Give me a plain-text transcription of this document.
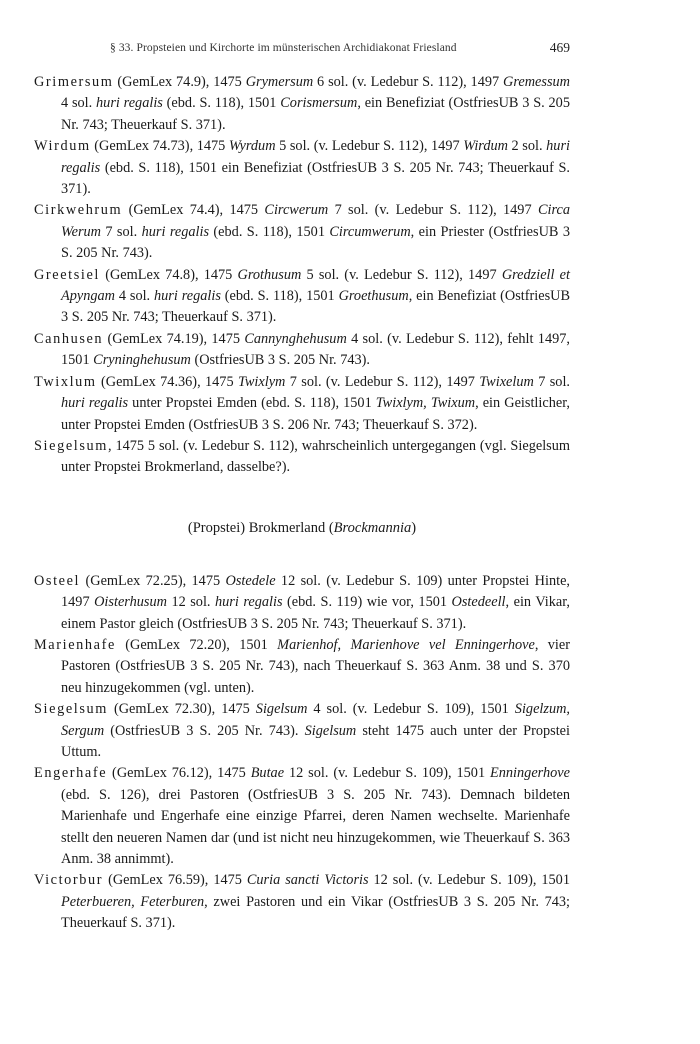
§ 33. Propsteien und Kirchorte im münsterischen Archidiakonat Friesland	469

Grimersum (GemLex 74.9), 1475 Grymersum 6 sol. (v. Ledebur S. 112), 1497 Gremessum 4 sol. huri regalis (ebd. S. 118), 1501 Corismersum, ein Benefiziat (OstfriesUB 3 S. 205 Nr. 743; Theuerkauf S. 371).

Wirdum (GemLex 74.73), 1475 Wyrdum 5 sol. (v. Ledebur S. 112), 1497 Wirdum 2 sol. huri regalis (ebd. S. 118), 1501 ein Benefiziat (OstfriesUB 3 S. 205 Nr. 743; Theuerkauf S. 371).

Cirkwehrum (GemLex 74.4), 1475 Circwerum 7 sol. (v. Ledebur S. 112), 1497 Circa Werum 7 sol. huri regalis (ebd. S. 118), 1501 Circumwerum, ein Priester (OstfriesUB 3 S. 205 Nr. 743).

Greetsiel (GemLex 74.8), 1475 Grothusum 5 sol. (v. Ledebur S. 112), 1497 Gredziell et Apyngam 4 sol. huri regalis (ebd. S. 118), 1501 Groethusum, ein Benefiziat (OstfriesUB 3 S. 205 Nr. 743; Theuerkauf S. 371).

Canhusen (GemLex 74.19), 1475 Cannynghehusum 4 sol. (v. Ledebur S. 112), fehlt 1497, 1501 Cryninghehusum (OstfriesUB 3 S. 205 Nr. 743).

Twixlum (GemLex 74.36), 1475 Twixlym 7 sol. (v. Ledebur S. 112), 1497 Twixelum 7 sol. huri regalis unter Propstei Emden (ebd. S. 118), 1501 Twixlym, Twixum, ein Geistlicher, unter Propstei Emden (OstfriesUB 3 S. 206 Nr. 743; Theuerkauf S. 372).

Siegelsum, 1475 5 sol. (v. Ledebur S. 112), wahrscheinlich untergegangen (vgl. Siegelsum unter Propstei Brokmerland, dasselbe?).

(Propstei) Brokmerland (Brockmannia)

Osteel (GemLex 72.25), 1475 Ostedele 12 sol. (v. Ledebur S. 109) unter Propstei Hinte, 1497 Oisterhusum 12 sol. huri regalis (ebd. S. 119) wie vor, 1501 Ostedeell, ein Vikar, einem Pastor gleich (OstfriesUB 3 S. 205 Nr. 743; Theuerkauf S. 371).

Marienhafe (GemLex 72.20), 1501 Marienhof, Marienhove vel Enningerhove, vier Pastoren (OstfriesUB 3 S. 205 Nr. 743), nach Theuerkauf S. 363 Anm. 38 und S. 370 neu hinzugekommen (vgl. unten).

Siegelsum (GemLex 72.30), 1475 Sigelsum 4 sol. (v. Ledebur S. 109), 1501 Sigelzum, Sergum (OstfriesUB 3 S. 205 Nr. 743). Sigelsum steht 1475 auch unter der Propstei Uttum.

Engerhafe (GemLex 76.12), 1475 Butae 12 sol. (v. Ledebur S. 109), 1501 Enningerhove (ebd. S. 126), drei Pastoren (OstfriesUB 3 S. 205 Nr. 743). Demnach bildeten Marienhafe und Engerhafe eine einzige Pfarrei, deren Namen wechselte. Marienhafe stellt den neueren Namen dar (und ist nicht neu hinzugekommen, wie Theuerkauf S. 363 Anm. 38 annimmt).

Victorbur (GemLex 76.59), 1475 Curia sancti Victoris 12 sol. (v. Ledebur S. 109), 1501 Peterbueren, Feterburen, zwei Pastoren und ein Vikar (OstfriesUB 3 S. 205 Nr. 743; Theuerkauf S. 371).
